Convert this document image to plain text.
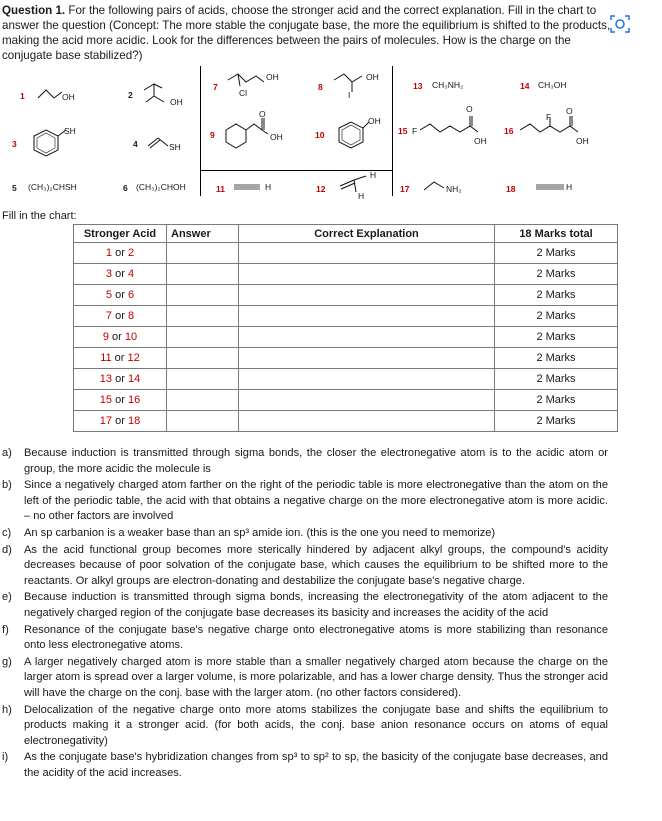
Question 1. For the following pairs of acids, choose the stronger acid and the correct explanation. Fill in the chart to answer the question (Concept: The more stable the conjugate base, the more the equilibrium is shifted to the products, making the acid more acidic. Look for the differences between the pairs of molecules. How is the charge on the conjugate base stabilized?)
1	OH	2
OH
3
SH
4	SH
5 (CH₃)₂CHSH	6 (CH₃)₂CHOH
7
OH
Cl
8
OH
I
9
O
OH	10
OH
11	H	12
H
H
13 CH₃NH₂	14 CH₃OH
15 F
O
OH
16
F
O
OH
17	NH₂	18	H
Fill in the chart:
Stronger Acid	Answer	Correct Explanation	18 Marks total
1 or 2			2 Marks
3 or 4			2 Marks
5 or 6			2 Marks
7 or 8			2 Marks
9 or 10			2 Marks
11 or 12			2 Marks
13 or 14			2 Marks
15 or 16			2 Marks
17 or 18			2 Marks
a)	Because induction is transmitted through sigma bonds, the closer the electronegative atom is to the acidic atom or group, the more acidic the molecule is
b)	Since a negatively charged atom farther on the right of the periodic table is more electronegative than the atom on the left of the periodic table, the acid with that obtains a negative charge on the more electronegative atom is more acidic. – no other factors are involved
c)	An sp carbanion is a weaker base than an sp³ amide ion. (this is the one you need to memorize)
d)	As the acid functional group becomes more sterically hindered by adjacent alkyl groups, the compound's acidity decreases because of poor solvation of the conjugate base, which causes the equilibrium to be shifted more to the reactants. Or alkyl groups are electron-donating and destabilize the conjugate base's negative charge.
e)	Because induction is transmitted through sigma bonds, increasing the electronegativity of the atom adjacent to the negatively charged region of the conjugate base decreases its basicity and increases the acidity of the acid
f)	Resonance of the conjugate base's negative charge onto electronegative atoms is more stabilizing than resonance onto less electronegative atoms.
g)	A larger negatively charged atom is more stable than a smaller negatively charged atom because the charge on the larger atom is spread over a larger volume, is more polarizable, and has a lower charge density. Thus the stronger acid will have the charge on the conj. base with the larger atom. (no other factors considered).
h)	Delocalization of the negative charge onto more atoms stabilizes the conjugate base and shifts the equilibrium to products making it a stronger acid. (for both acids, the conj. base anion resonance occurs on atoms of equal electronegativity)
i)	As the conjugate base's hybridization changes from sp³ to sp² to sp, the basicity of the conjugate base decreases, and the acidity of the acid increases.
